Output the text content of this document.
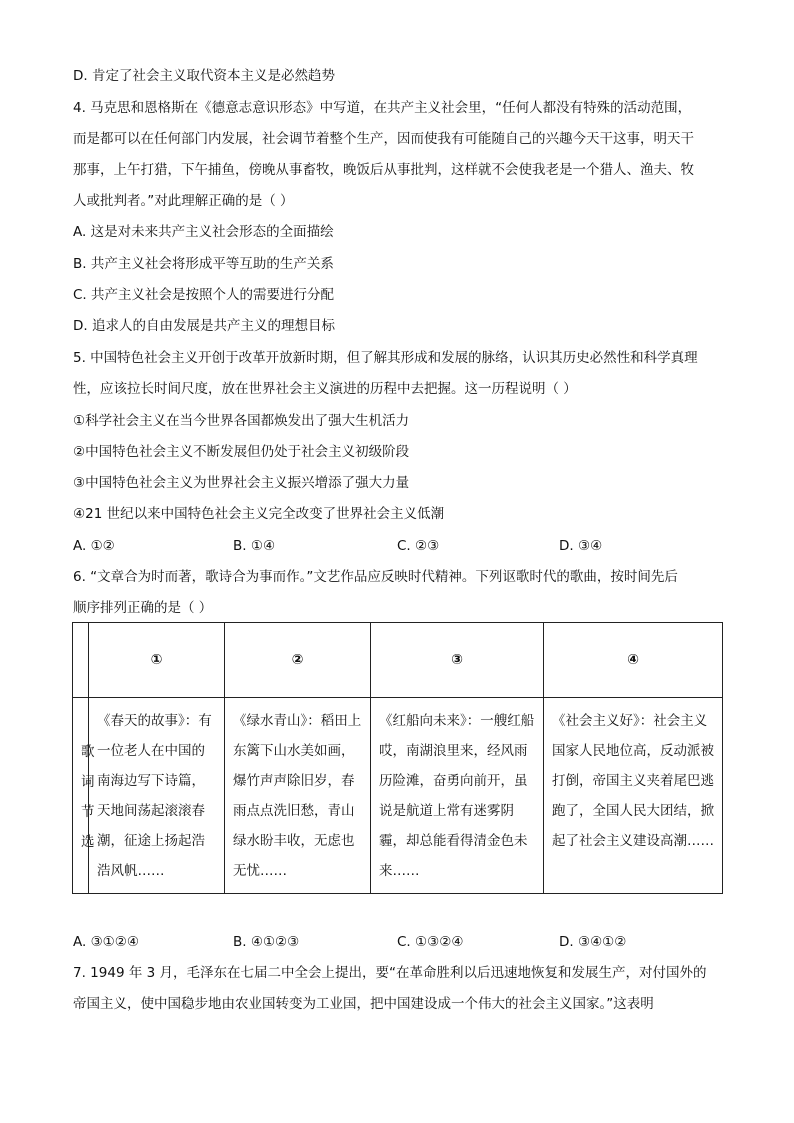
D. 肯定了社会主义取代资本主义是必然趋势
4. 马克思和恩格斯在《德意志意识形态》中写道，在共产主义社会里，“任何人都没有特殊的活动范围，
而是都可以在任何部门内发展，社会调节着整个生产，因而使我有可能随自己的兴趣今天干这事，明天干
那事，上午打猎，下午捕鱼，傍晚从事畜牧，晚饭后从事批判，这样就不会使我老是一个猎人、渔夫、牧
人或批判者。”对此理解正确的是（ ）
A. 这是对未来共产主义社会形态的全面描绘
B. 共产主义社会将形成平等互助的生产关系
C. 共产主义社会是按照个人的需要进行分配
D. 追求人的自由发展是共产主义的理想目标
5. 中国特色社会主义开创于改革开放新时期，但了解其形成和发展的脉络，认识其历史必然性和科学真理
性，应该拉长时间尺度，放在世界社会主义演进的历程中去把握。这一历程说明（ ）
①科学社会主义在当今世界各国都焕发出了强大生机活力
②中国特色社会主义不断发展但仍处于社会主义初级阶段
③中国特色社会主义为世界社会主义振兴增添了强大力量
④21 世纪以来中国特色社会主义完全改变了世界社会主义低潮
A. ①②	B. ①④	C. ②③	D. ③④
6. “文章合为时而著，歌诗合为事而作。”文艺作品应反映时代精神。下列讴歌时代的歌曲，按时间先后
顺序排列正确的是（ ）
	①	②	③	④

歌
词
节
选	《春天的故事》：有一位老人在中国的南海边写下诗篇，天地间荡起滚滚春潮，征途上扬起浩浩风帆……	《绿水青山》：稻田上东篱下山水美如画，爆竹声声除旧岁，春雨点点洗旧愁，青山绿水盼丰收，无虑也无忧……	《红船向未来》：一艘红船哎，南湖浪里来，经风雨历险滩，奋勇向前开，虽说是航道上常有迷雾阴霾，却总能看得清金色未来……	《社会主义好》：社会主义国家人民地位高，反动派被打倒，帝国主义夹着尾巴逃跑了，全国人民大团结，掀起了社会主义建设高潮……
A. ③①②④	B. ④①②③	C. ①③②④	D. ③④①②
7. 1949 年 3 月，毛泽东在七届二中全会上提出，要“在革命胜利以后迅速地恢复和发展生产，对付国外的
帝国主义，使中国稳步地由农业国转变为工业国，把中国建设成一个伟大的社会主义国家。”这表明
